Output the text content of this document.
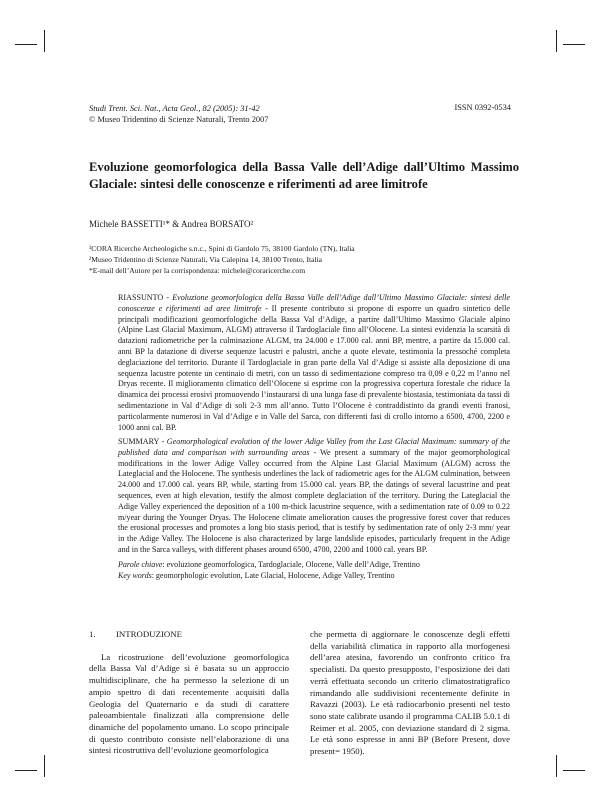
Studi Trent. Sci. Nat., Acta Geol., 82 (2005): 31-42
© Museo Tridentino di Scienze Naturali, Trento 2007
ISSN 0392-0534
Evoluzione geomorfologica della Bassa Valle dell’Adige dall’Ultimo Massimo Glaciale: sintesi delle conoscenze e riferimenti ad aree limitrofe
Michele BASSETTI¹* & Andrea BORSATO²
¹CORA Ricerche Archeologiche s.n.c., Spini di Gardolo 75, 38100 Gardolo (TN), Italia
²Museo Tridentino di Scienze Naturali, Via Calepina 14, 38100 Trento, Italia
*E-mail dell’Autore per la corrispondenza: michele@coraricerche.com
RIASSUNTO - Evoluzione geomorfologica della Bassa Valle dell’Adige dall’Ultimo Massimo Glaciale: sintesi delle conoscenze e riferimenti ad aree limitrofe - Il presente contributo si propone di esporre un quadro sintetico delle principali modificazioni geomorfologiche della Bassa Val d’Adige, a partire dall’Ultimo Massimo Glaciale alpino (Alpine Last Glacial Maximum, ALGM) attraverso il Tardoglaciale fino all’Olocene. La sintesi evidenzia la scarsità di datazioni radiometriche per la culminazione ALGM, tra 24.000 e 17.000 cal. anni BP, mentre, a partire da 15.000 cal. anni BP la datazione di diverse sequenze lacustri e palustri, anche a quote elevate, testimonia la pressoché completa deglaciazione del territorio. Durante il Tardoglaciale in gran parte della Val d’Adige si assiste alla deposizione di una sequenza lacustre potente un centinaio di metri, con un tasso di sedimentazione compreso tra 0,09 e 0,22 m l’anno nel Dryas recente. Il miglioramento climatico dell’Olocene si esprime con la progressiva copertura forestale che riduce la dinamica dei processi erosivi promuovendo l’instaurarsi di una lunga fase di prevalente biostasia, testimoniata da tassi di sedimentazione in Val d’Adige di soli 2-3 mm all’anno. Tutto l’Olocene è contraddistinto da grandi eventi franosi, particolarmente numerosi in Val d’Adige e in Valle del Sarca, con differenti fasi di crollo intorno a 6500, 4700, 2200 e 1000 anni cal. BP.
SUMMARY - Geomorphological evolution of the lower Adige Valley from the Last Glacial Maximum: summary of the published data and comparison with surrounding areas - We present a summary of the major geomorphological modifications in the lower Adige Valley occurred from the Alpine Last Glacial Maximum (ALGM) across the Lateglacial and the Holocene. The synthesis underlines the lack of radiometric ages for the ALGM culmination, between 24.000 and 17.000 cal. years BP, while, starting from 15.000 cal. years BP, the datings of several lacustrine and peat sequences, even at high elevation, testify the almost complete deglaciation of the territory. During the Lateglacial the Adige Valley experienced the deposition of a 100 m-thick lacustrine sequence, with a sedimentation rate of 0.09 to 0.22 m/year during the Younger Dryas. The Holocene climate amelioration causes the progressive forest cover that reduces the erosional processes and promotes a long bio stasis period, that is testify by sedimentation rate of only 2-3 mm/ year in the Adige Valley. The Holocene is also characterized by large landslide episodes, particularly frequent in the Adige and in the Sarca valleys, with different phases around 6500, 4700, 2200 and 1000 cal. years BP.
Parole chiave: evoluzione geomorfologica, Tardoglaciale, Olocene, Valle dell’Adige, Trentino
Key words: geomorphologic evolution, Late Glacial, Holocene, Adige Valley, Trentino
1. INTRODUZIONE
La ricostruzione dell’evoluzione geomorfologica della Bassa Val d’Adige si è basata su un approccio multidisciplinare, che ha permesso la selezione di un ampio spettro di dati recentemente acquisiti dalla Geologia del Quaternario e da studi di carattere paleoambientale finalizzati alla comprensione delle dinamiche del popolamento umano. Lo scopo principale di questo contributo consiste nell’elaborazione di una sintesi ricostruttiva dell’evoluzione geomorfologica
che permetta di aggiornare le conoscenze degli effetti della variabilità climatica in rapporto alla morfogenesi dell’area atesina, favorendo un confronto critico fra specialisti. Da questo presupposto, l’esposizione dei dati verrà effettuata secondo un criterio climatostratigrafico rimandando alle suddivisioni recentemente definite in Ravazzi (2003). Le età radiocarbonio presenti nel testo sono state calibrate usando il programma CALIB 5.0.1 di Reimer et al. 2005, con deviazione standard di 2 sigma. Le età sono espresse in anni BP (Before Present, dove present= 1950).
